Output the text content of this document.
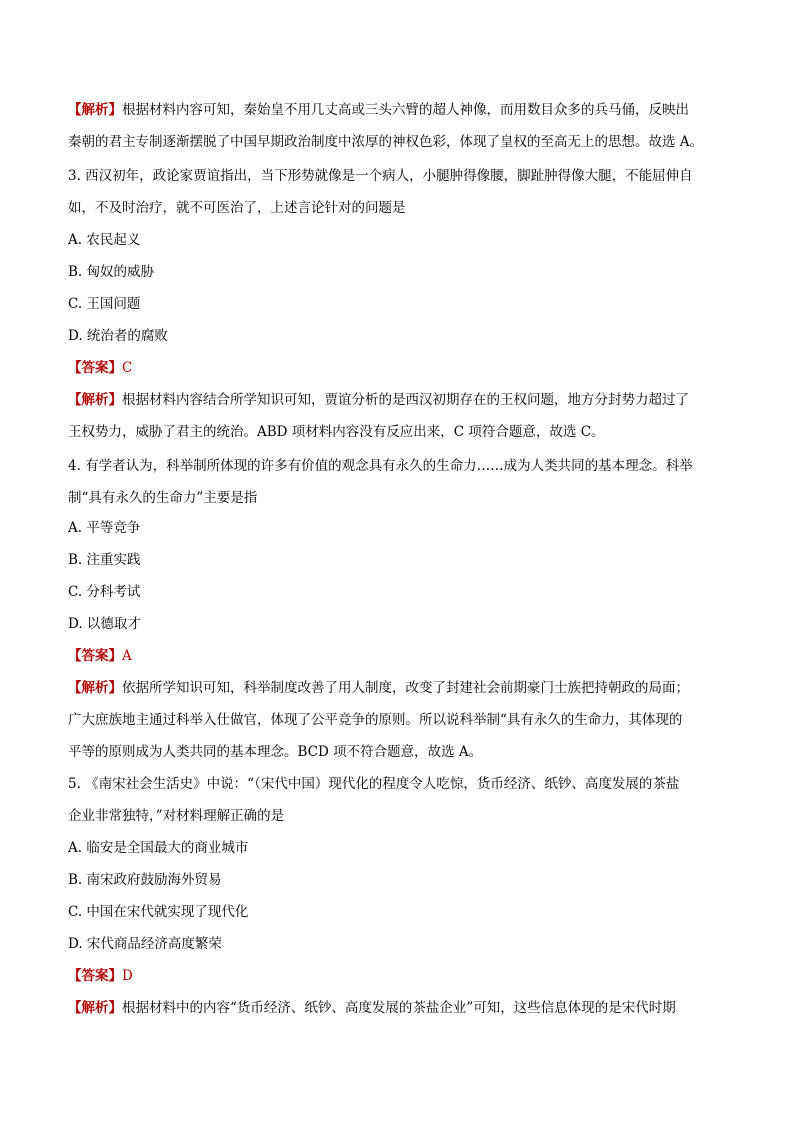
【解析】根据材料内容可知，秦始皇不用几丈高或三头六臂的超人神像，而用数目众多的兵马俑，反映出
秦朝的君主专制逐渐摆脱了中国早期政治制度中浓厚的神权色彩，体现了皇权的至高无上的思想。故选 A。
3. 西汉初年，政论家贾谊指出，当下形势就像是一个病人，小腿肿得像腰，脚趾肿得像大腿，不能屈伸自
如，不及时治疗，就不可医治了，上述言论针对的问题是
A. 农民起义
B. 匈奴的威胁
C. 王国问题
D. 统治者的腐败
【答案】C
【解析】根据材料内容结合所学知识可知，贾谊分析的是西汉初期存在的王权问题，地方分封势力超过了
王权势力，威胁了君主的统治。ABD 项材料内容没有反应出来，C 项符合题意，故选 C。
4. 有学者认为，科举制所体现的许多有价值的观念具有永久的生命力……成为人类共同的基本理念。科举
制“具有永久的生命力”主要是指
A. 平等竞争
B. 注重实践
C. 分科考试
D. 以德取才
【答案】A
【解析】依据所学知识可知，科举制度改善了用人制度，改变了封建社会前期豪门士族把持朝政的局面；
广大庶族地主通过科举入仕做官，体现了公平竞争的原则。所以说科举制“具有永久的生命力，其体现的
平等的原则成为人类共同的基本理念。BCD 项不符合题意，故选 A。
5. 《南宋社会生活史》中说：“（宋代中国）现代化的程度令人吃惊，货币经济、纸钞、高度发展的茶盐
企业非常独特，”对材料理解正确的是
A. 临安是全国最大的商业城市
B. 南宋政府鼓励海外贸易
C. 中国在宋代就实现了现代化
D. 宋代商品经济高度繁荣
【答案】D
【解析】根据材料中的内容“货币经济、纸钞、高度发展的茶盐企业”可知，这些信息体现的是宋代时期
